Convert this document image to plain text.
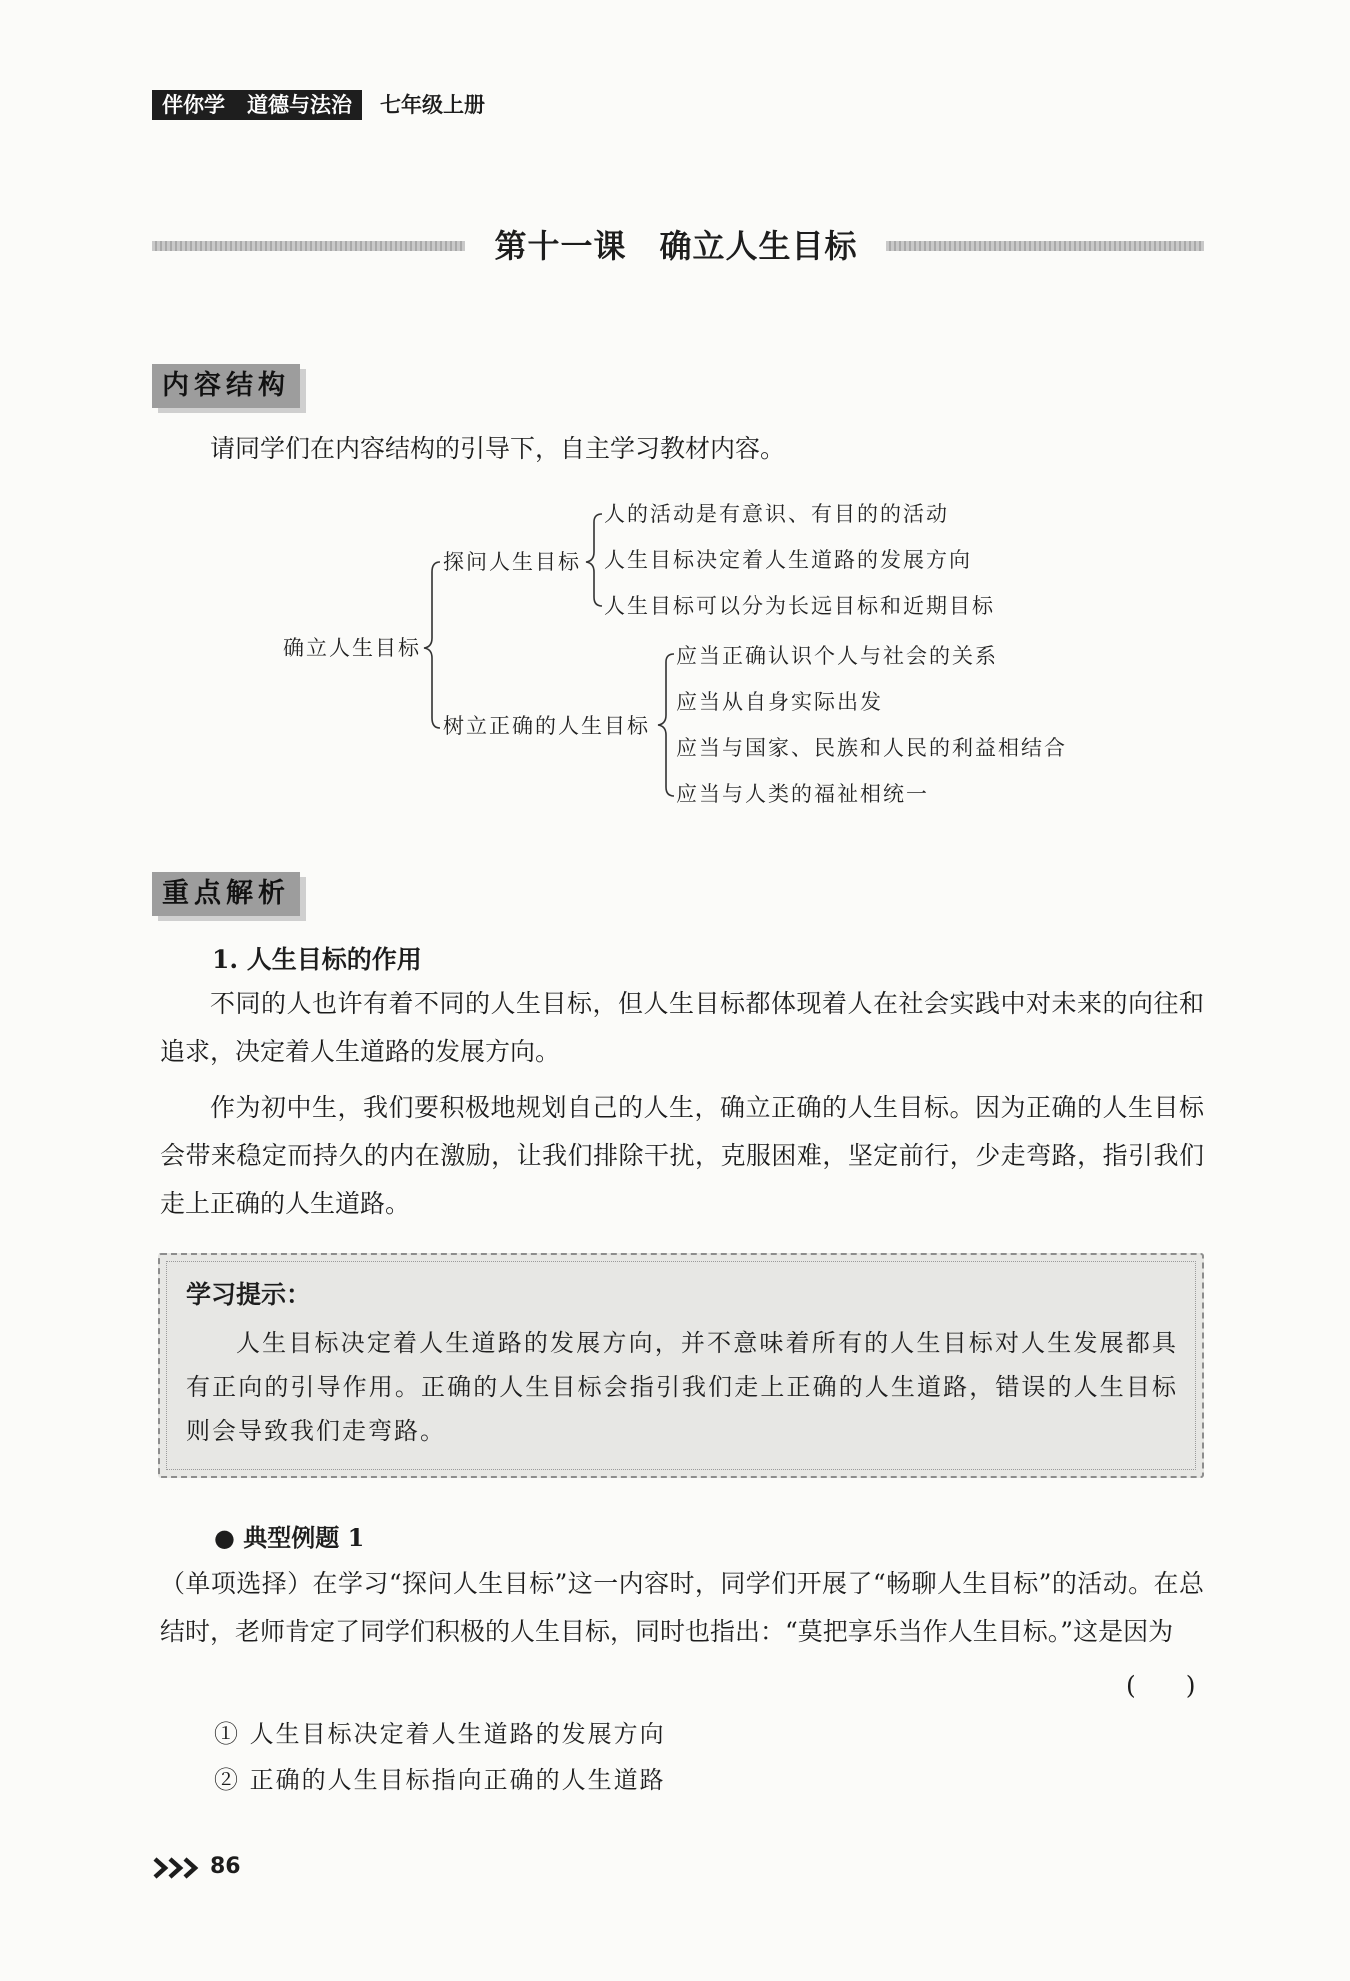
伴你学 道德与法治 七年级上册
第十一课　确立人生目标
内容结构
请同学们在内容结构的引导下，自主学习教材内容。
确立人生目标
探问人生目标
人的活动是有意识、有目的的活动
人生目标决定着人生道路的发展方向
人生目标可以分为长远目标和近期目标
树立正确的人生目标
应当正确认识个人与社会的关系
应当从自身实际出发
应当与国家、民族和人民的利益相结合
应当与人类的福祉相统一
重点解析
1. 人生目标的作用
不同的人也许有着不同的人生目标，但人生目标都体现着人在社会实践中对未来的向往和追求，决定着人生道路的发展方向。
作为初中生，我们要积极地规划自己的人生，确立正确的人生目标。因为正确的人生目标会带来稳定而持久的内在激励，让我们排除干扰，克服困难，坚定前行，少走弯路，指引我们走上正确的人生道路。
学习提示：
人生目标决定着人生道路的发展方向，并不意味着所有的人生目标对人生发展都具有正向的引导作用。正确的人生目标会指引我们走上正确的人生道路，错误的人生目标则会导致我们走弯路。
● 典型例题 1
（单项选择）在学习“探问人生目标”这一内容时，同学们开展了“畅聊人生目标”的活动。在总结时，老师肯定了同学们积极的人生目标，同时也指出：“莫把享乐当作人生目标。”这是因为
(　　)
① 人生目标决定着人生道路的发展方向
② 正确的人生目标指向正确的人生道路
86
